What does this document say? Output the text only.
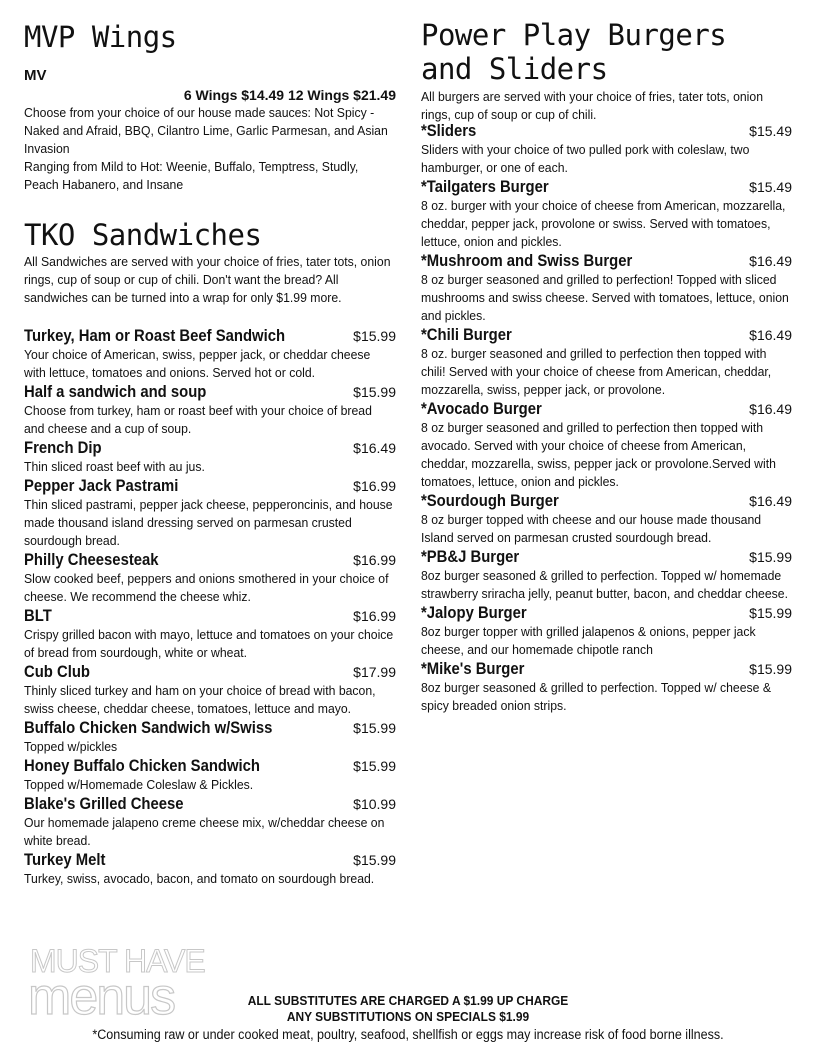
MVP Wings
MV
6 Wings $14.49 12 Wings $21.49
Choose from your choice of our house made sauces: Not Spicy - Naked and Afraid, BBQ, Cilantro Lime, Garlic Parmesan, and Asian Invasion
Ranging from Mild to Hot: Weenie, Buffalo, Temptress, Studly, Peach Habanero, and Insane
TKO Sandwiches
All Sandwiches are served with your choice of fries, tater tots, onion rings, cup of soup or cup of chili. Don't want the bread? All sandwiches can be turned into a wrap for only $1.99 more.
Turkey, Ham or Roast Beef Sandwich	$15.99
Your choice of American, swiss, pepper jack, or cheddar cheese with lettuce, tomatoes and onions. Served hot or cold.
Half a sandwich and soup	$15.99
Choose from turkey, ham or roast beef with your choice of bread and cheese and a cup of soup.
French Dip	$16.49
Thin sliced roast beef with au jus.
Pepper Jack Pastrami	$16.99
Thin sliced pastrami, pepper jack cheese, pepperoncinis, and house made thousand island dressing served on parmesan crusted sourdough bread.
Philly Cheesesteak	$16.99
Slow cooked beef, peppers and onions smothered in your choice of cheese. We recommend the cheese whiz.
BLT	$16.99
Crispy grilled bacon with mayo, lettuce and tomatoes on your choice of bread from sourdough, white or wheat.
Cub Club	$17.99
Thinly sliced turkey and ham on your choice of bread with bacon, swiss cheese, cheddar cheese, tomatoes, lettuce and mayo.
Buffalo Chicken Sandwich w/Swiss	$15.99
Topped w/pickles
Honey Buffalo Chicken Sandwich	$15.99
Topped w/Homemade Coleslaw & Pickles.
Blake's Grilled Cheese	$10.99
Our homemade jalapeno creme cheese mix, w/cheddar cheese on white bread.
Turkey Melt	$15.99
Turkey, swiss, avocado, bacon, and tomato on sourdough bread.
Power Play Burgers
and Sliders
All burgers are served with your choice of fries, tater tots, onion rings, cup of soup or cup of chili.
*Sliders	$15.49
Sliders with your choice of two pulled pork with coleslaw, two hamburger, or one of each.
*Tailgaters Burger	$15.49
8 oz. burger with your choice of cheese from American, mozzarella, cheddar, pepper jack, provolone or swiss. Served with tomatoes, lettuce, onion and pickles.
*Mushroom and Swiss Burger	$16.49
8 oz burger seasoned and grilled to perfection! Topped with sliced mushrooms and swiss cheese. Served with tomatoes, lettuce, onion and pickles.
*Chili Burger	$16.49
8 oz. burger seasoned and grilled to perfection then topped with chili! Served with your choice of cheese from American, cheddar, mozzarella, swiss, pepper jack, or provolone.
*Avocado Burger	$16.49
8 oz burger seasoned and grilled to perfection then topped with avocado. Served with your choice of cheese from American, cheddar, mozzarella, swiss, pepper jack or provolone.Served with tomatoes, lettuce, onion and pickles.
*Sourdough Burger	$16.49
8 oz burger topped with cheese and our house made thousand Island served on parmesan crusted sourdough bread.
*PB&J Burger	$15.99
8oz burger seasoned & grilled to perfection. Topped w/ homemade strawberry sriracha jelly, peanut butter, bacon, and cheddar cheese.
*Jalopy Burger	$15.99
8oz burger topper with grilled jalapenos & onions, pepper jack cheese, and our homemade chipotle ranch
*Mike's Burger	$15.99
8oz burger seasoned & grilled to perfection. Topped w/ cheese & spicy breaded onion strips.
MUST HAVE
menus	ALL SUBSTITUTES ARE CHARGED A $1.99 UP CHARGE
ANY SUBSTITUTIONS ON SPECIALS $1.99
*Consuming raw or under cooked meat, poultry, seafood, shellfish or eggs may increase risk of food borne illness.
